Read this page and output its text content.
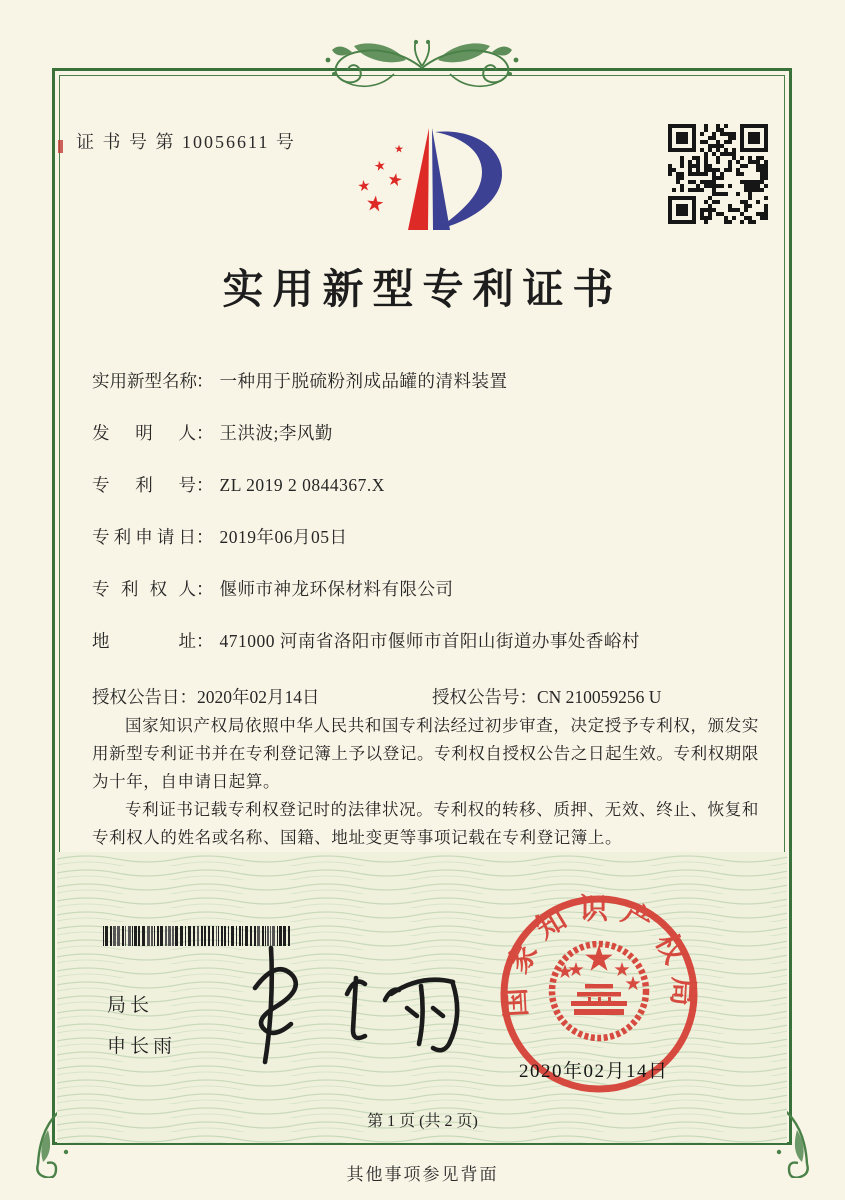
证 书 号 第 10056611 号
实用新型专利证书
实用新型名称： 一种用于脱硫粉剂成品罐的清料装置
发明人： 王洪波;李风勤
专利号： ZL 2019 2 0844367.X
专利申请日： 2019年06月05日
专利权人： 偃师市神龙环保材料有限公司
地址： 471000 河南省洛阳市偃师市首阳山街道办事处香峪村
授权公告日：2020年02月14日	授权公告号：CN 210059256 U

国家知识产权局依照中华人民共和国专利法经过初步审查，决定授予专利权，颁发实用新型专利证书并在专利登记簿上予以登记。专利权自授权公告之日起生效。专利权期限为十年，自申请日起算。

专利证书记载专利权登记时的法律状况。专利权的转移、质押、无效、终止、恢复和专利权人的姓名或名称、国籍、地址变更等事项记载在专利登记簿上。

局长
申长雨
国家知识产权局
2020年02月14日
第 1 页 (共 2 页)
其他事项参见背面
